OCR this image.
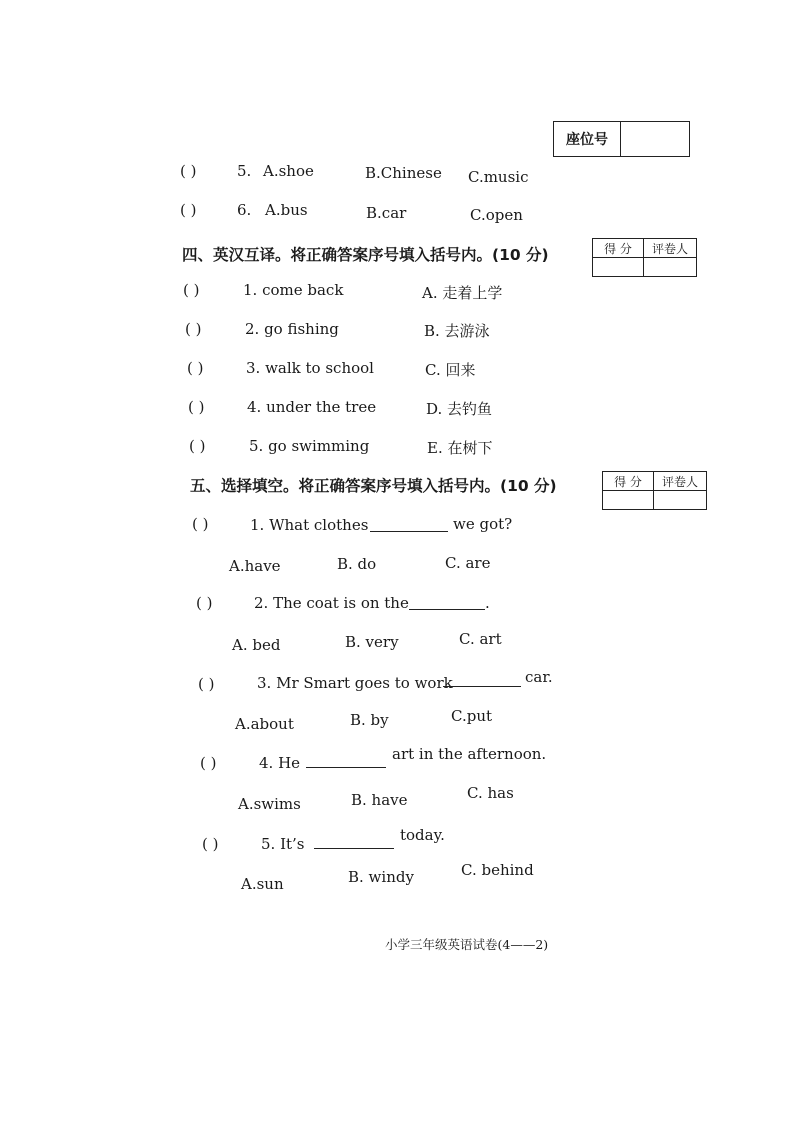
座位号	
( )	5. A.shoe	B.Chinese C.music
( )	6. A.bus	B.car	C.open
四、英汉互译。将正确答案序号填入括号内。(10 分)	得 分	评卷人

( )	1. come back	A. 走着上学
( )	2. go fishing	B. 去游泳
( )	3. walk to school	C. 回来
( )	4. under the tree	D. 去钓鱼
( )	5. go swimming	E. 在树下
五、选择填空。将正确答案序号填入括号内。(10 分)	得 分	评卷人

( )	1. What clothes	we got?
A.have	B. do	C. are
( )	2. The coat is on the	.
A. bed	B. very	C. art
( )	3. Mr Smart goes to work	car.
A.about	B. by	C.put
( )	4. He	art in the afternoon.
A.swims	B. have	C. has
( )	5. It’s	today.
A.sun	B. windy	C. behind
小学三年级英语试卷(4——2)
